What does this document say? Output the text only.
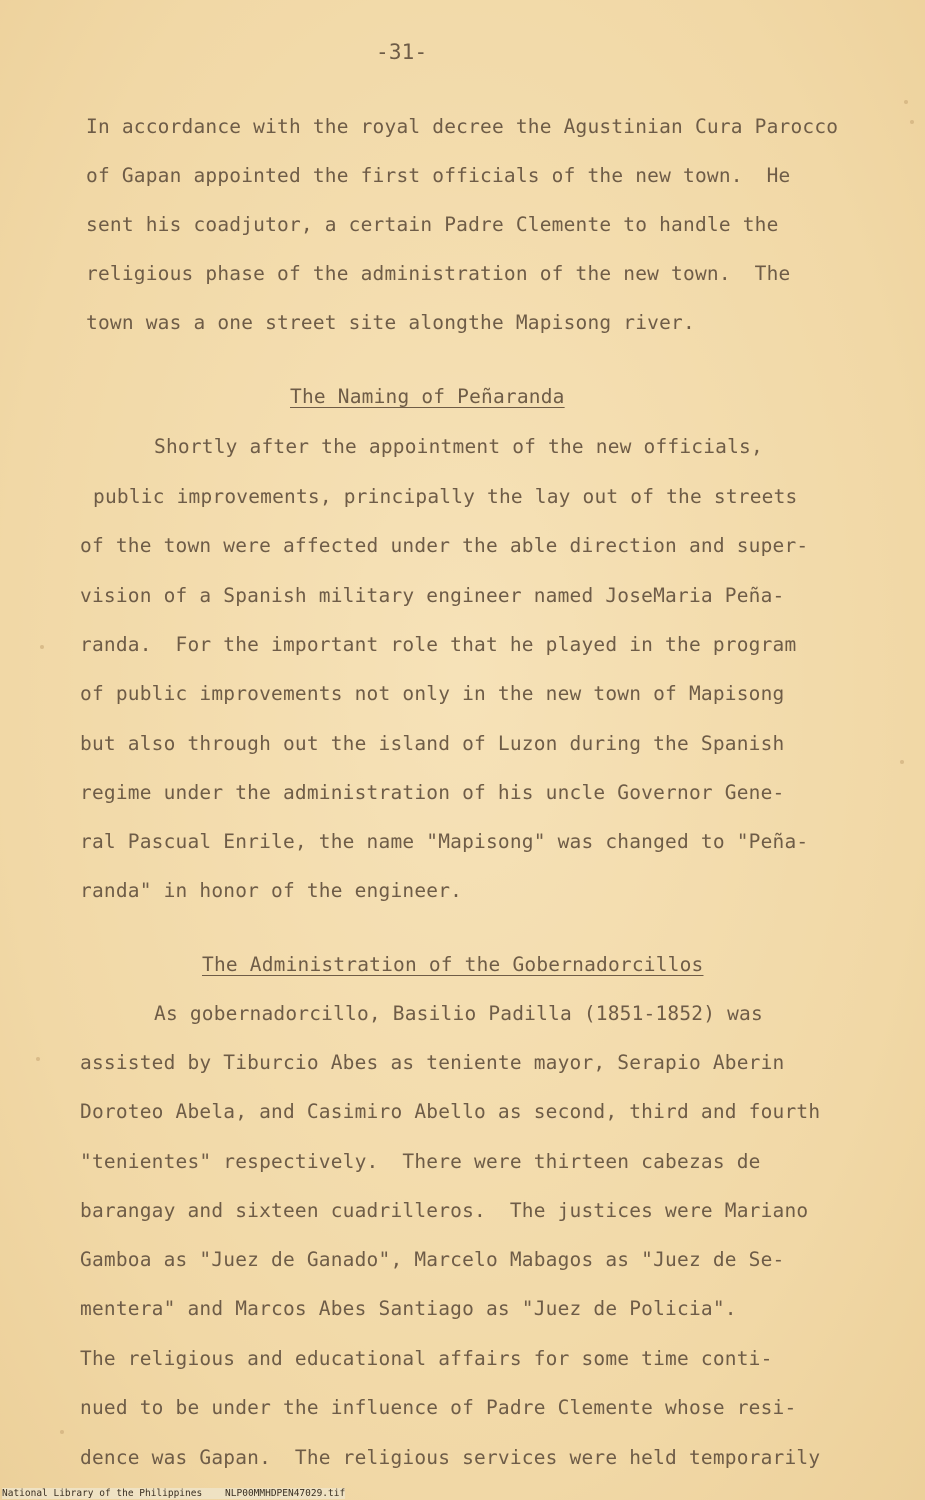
-31-
In accordance with the royal decree the Agustinian Cura Parocco
of Gapan appointed the first officials of the new town.  He
sent his coadjutor, a certain Padre Clemente to handle the
religious phase of the administration of the new town.  The
town was a one street site alongthe Mapisong river.
The Naming of Peñaranda
Shortly after the appointment of the new officials,
public improvements, principally the lay out of the streets
of the town were affected under the able direction and super-
vision of a Spanish military engineer named JoseMaria Peña-
randa.  For the important role that he played in the program
of public improvements not only in the new town of Mapisong
but also through out the island of Luzon during the Spanish
regime under the administration of his uncle Governor Gene-
ral Pascual Enrile, the name "Mapisong" was changed to "Peña-
randa" in honor of the engineer.
The Administration of the Gobernadorcillos
As gobernadorcillo, Basilio Padilla (1851-1852) was
assisted by Tiburcio Abes as teniente mayor, Serapio Aberin
Doroteo Abela, and Casimiro Abello as second, third and fourth
"tenientes" respectively.  There were thirteen cabezas de
barangay and sixteen cuadrilleros.  The justices were Mariano
Gamboa as "Juez de Ganado", Marcelo Mabagos as "Juez de Se-
mentera" and Marcos Abes Santiago as "Juez de Policia".
The religious and educational affairs for some time conti-
nued to be under the influence of Padre Clemente whose resi-
dence was Gapan.  The religious services were held temporarily
National Library of the Philippines    NLP00MMHDPEN47029.tif
